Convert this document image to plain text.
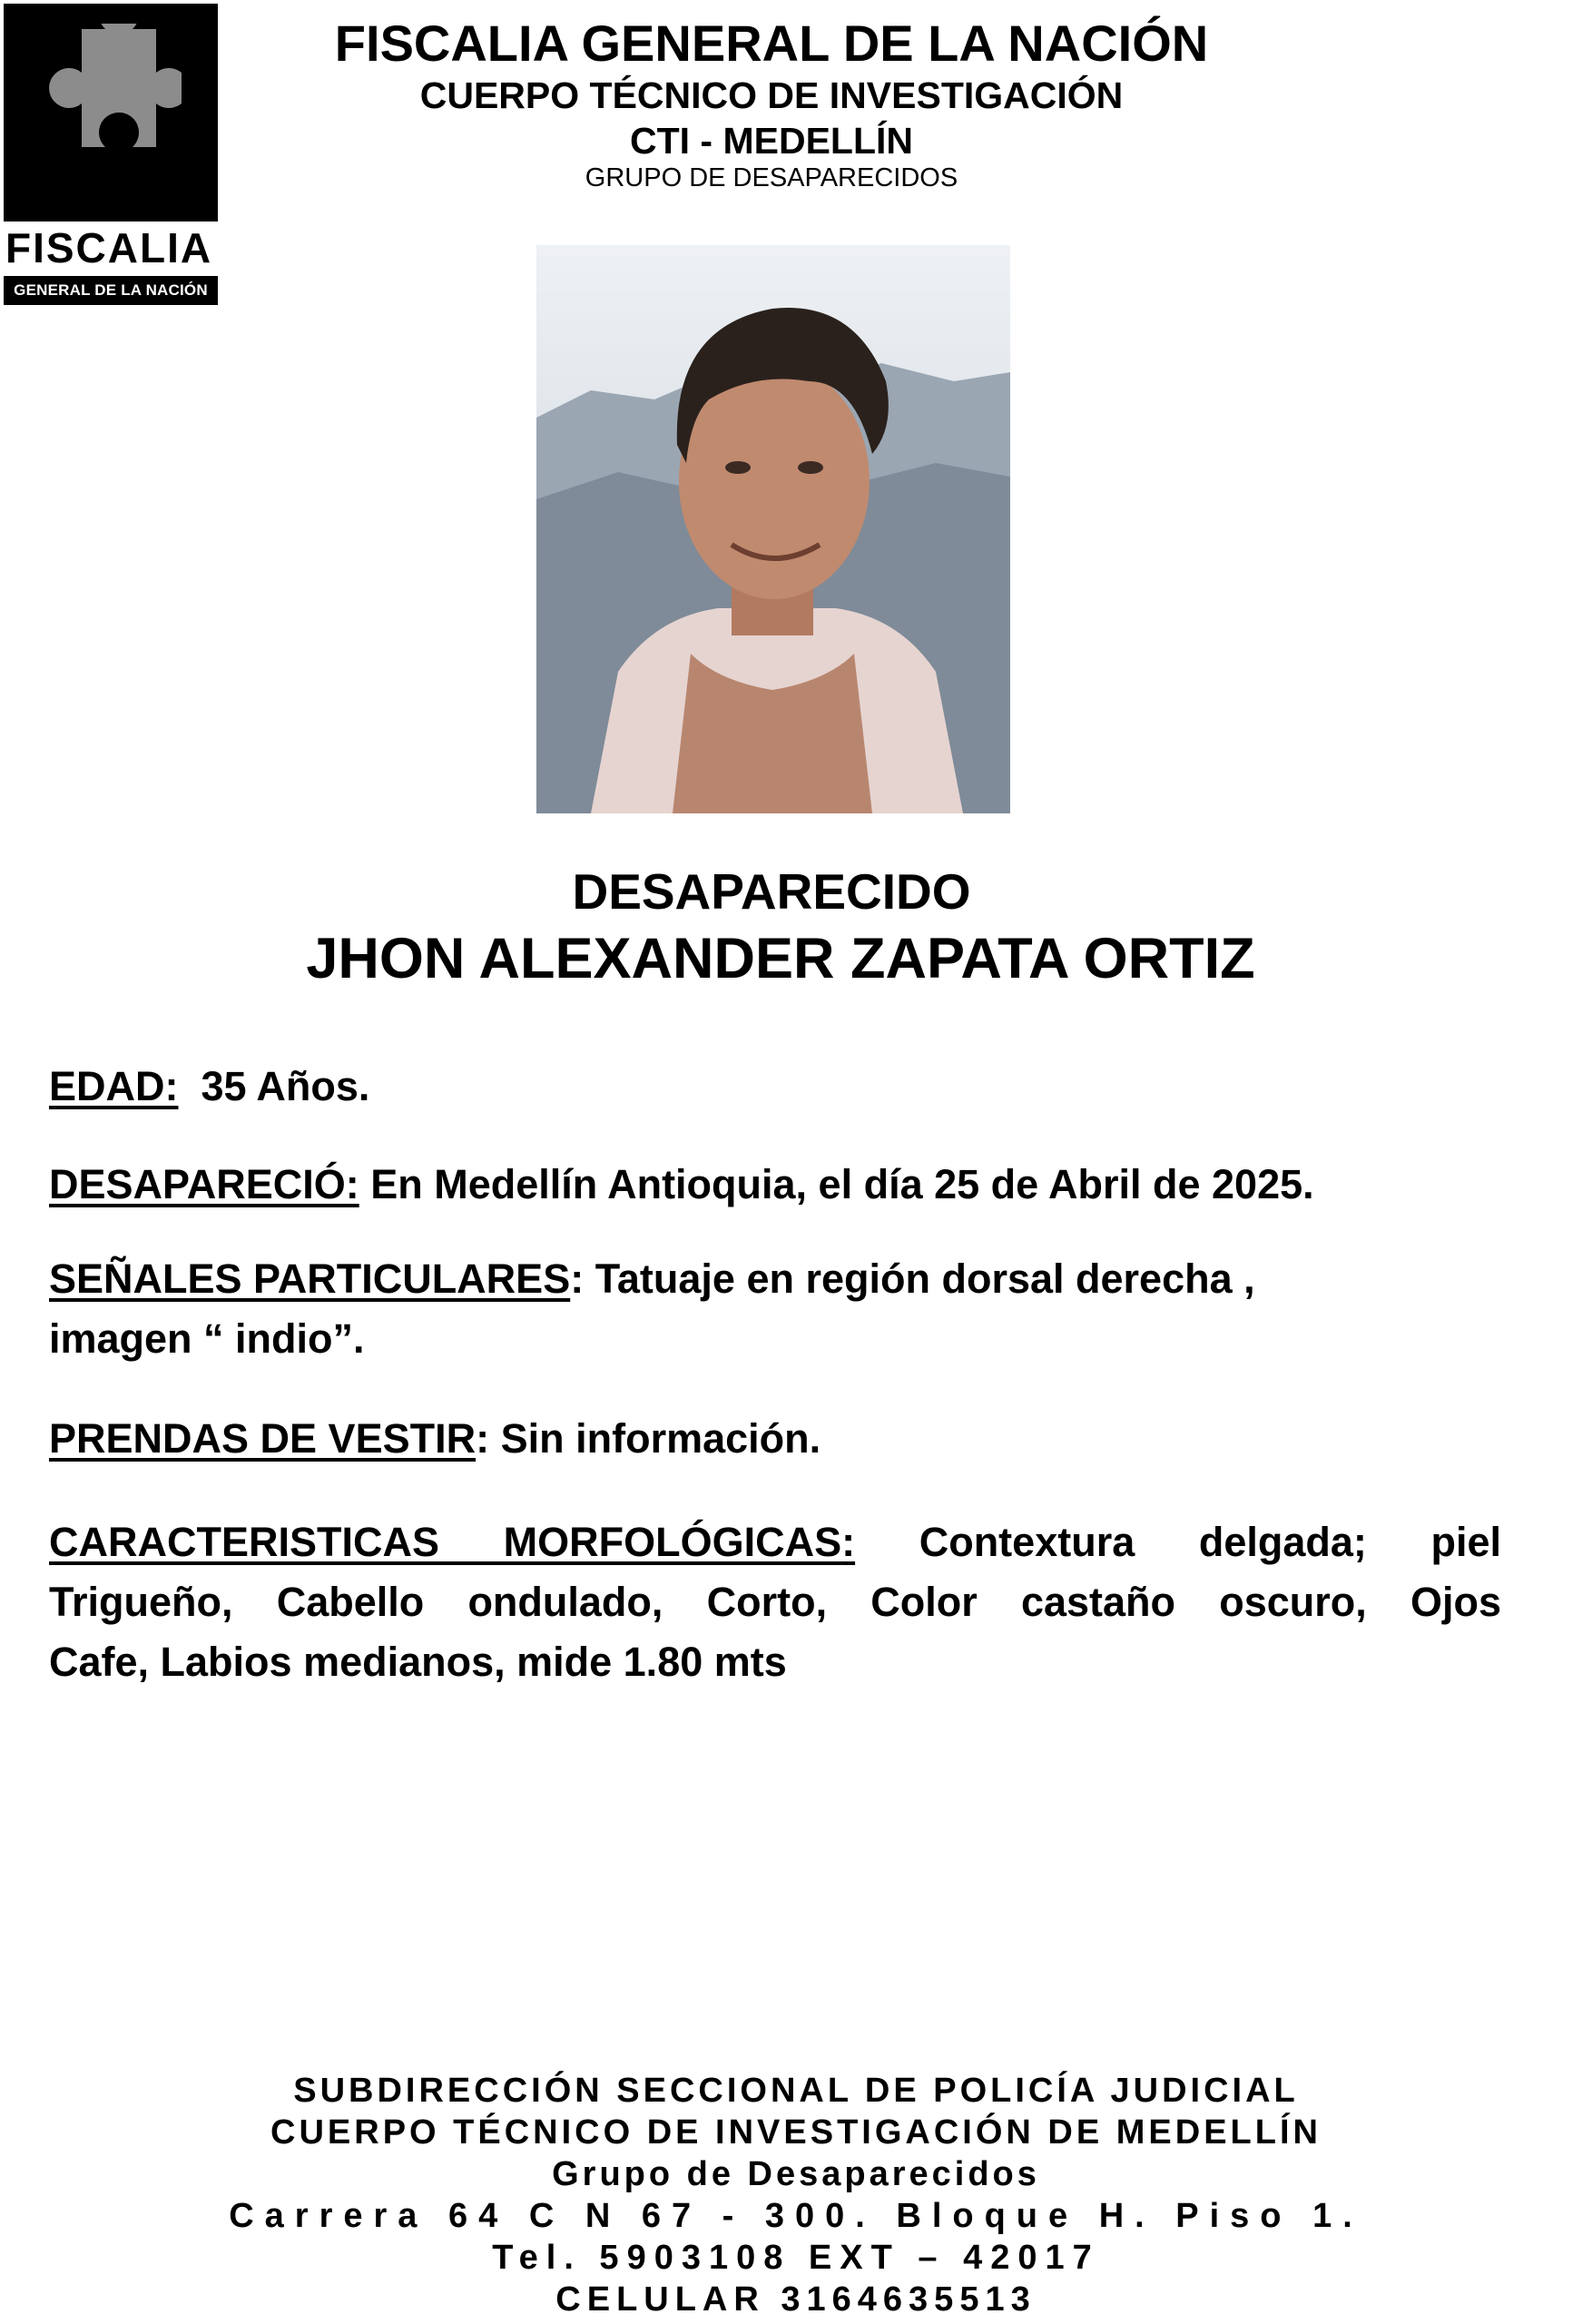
FISCALIA
GENERAL DE LA NACIÓN
FISCALIA GENERAL DE LA NACIÓN
CUERPO TÉCNICO DE INVESTIGACIÓN
CTI - MEDELLÍN
GRUPO DE DESAPARECIDOS
DESAPARECIDO
JHON ALEXANDER ZAPATA ORTIZ
EDAD: 35 Años.
DESAPARECIÓ: En Medellín Antioquia, el día 25 de Abril de 2025.
SEÑALES PARTICULARES: Tatuaje en región dorsal derecha ,
imagen “ indio”.
PRENDAS DE VESTIR: Sin información.
CARACTERISTICAS MORFOLÓGICAS: Contextura delgada; piel
Trigueño, Cabello ondulado, Corto, Color castaño oscuro, Ojos
Cafe, Labios medianos, mide 1.80 mts
SUBDIRECCIÓN SECCIONAL DE POLICÍA JUDICIAL
CUERPO TÉCNICO DE INVESTIGACIÓN DE MEDELLÍN
Grupo de Desaparecidos
Carrera 64 C N 67 - 300. Bloque H. Piso 1.
Tel. 5903108 EXT – 42017
CELULAR 3164635513
